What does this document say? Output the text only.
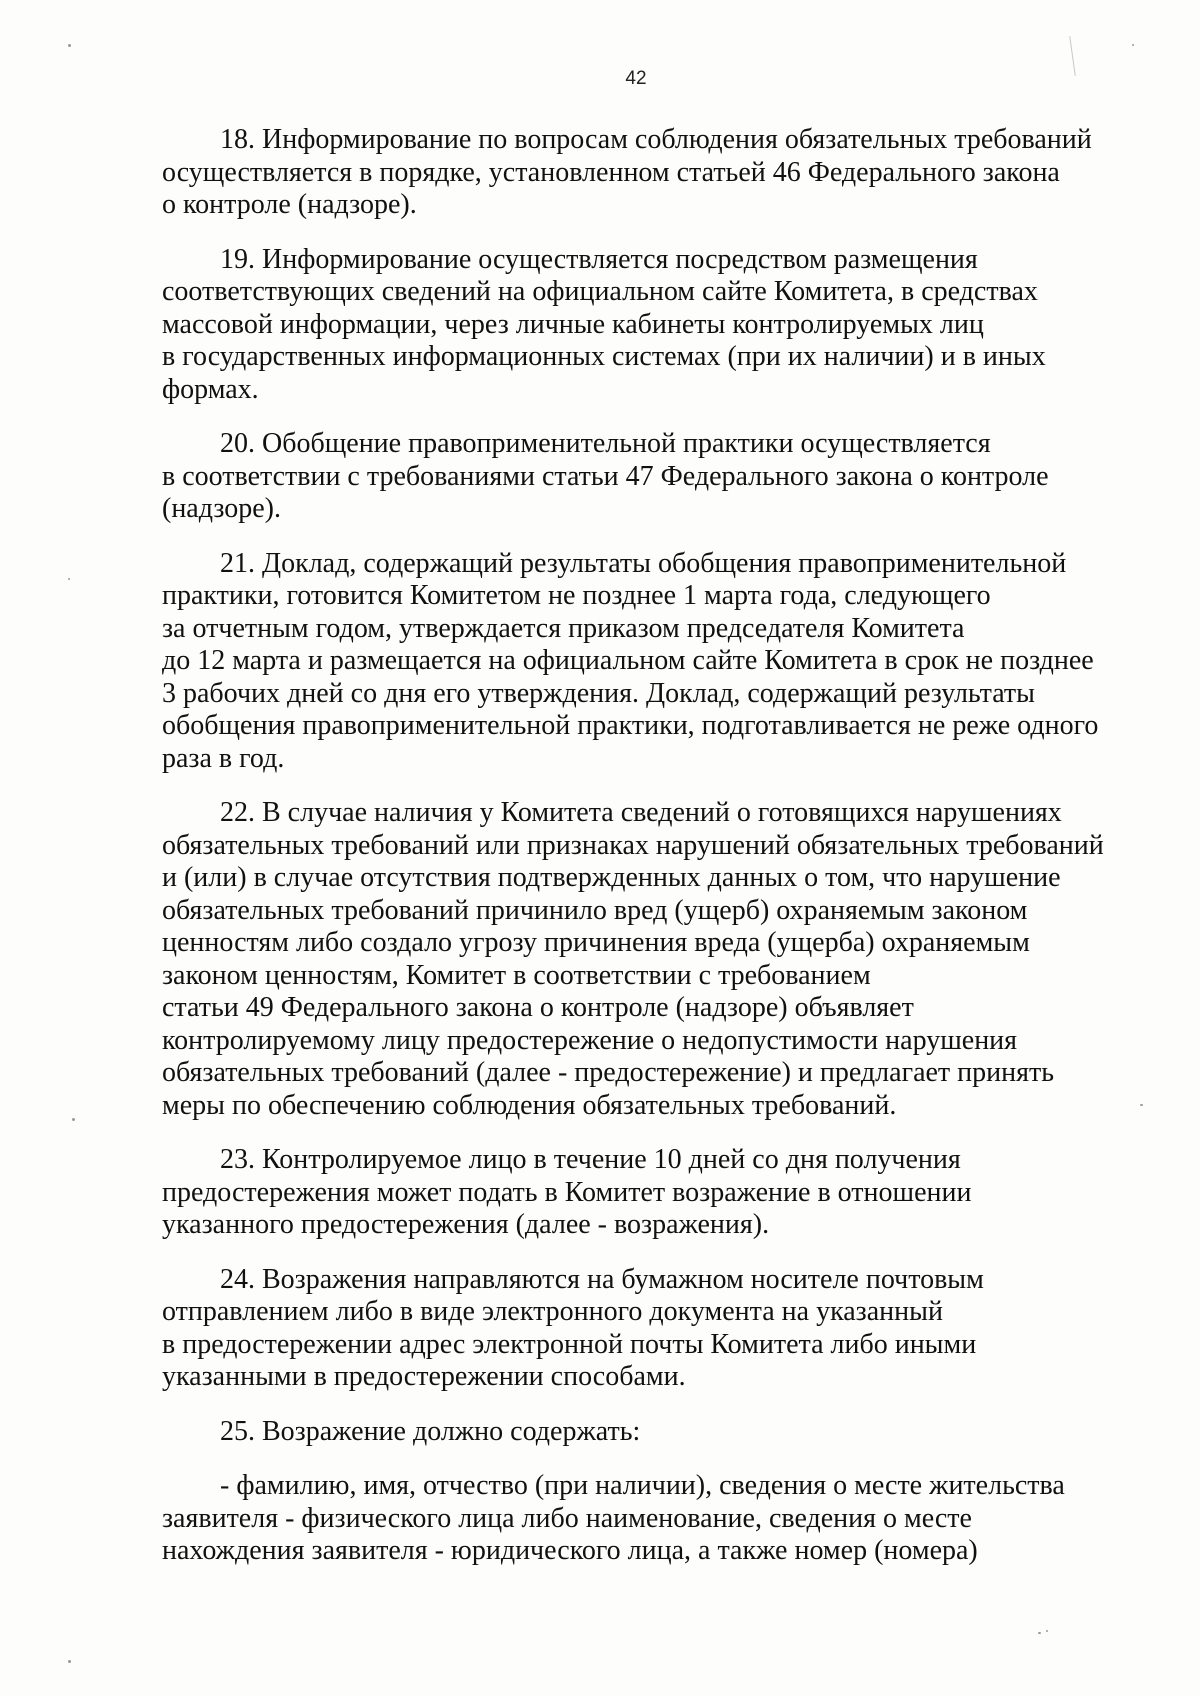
42

18. Информирование по вопросам соблюдения обязательных требований
осуществляется в порядке, установленном статьей 46 Федерального закона
о контроле (надзоре).

19. Информирование осуществляется посредством размещения
соответствующих сведений на официальном сайте Комитета, в средствах
массовой информации, через личные кабинеты контролируемых лиц
в государственных информационных системах (при их наличии) и в иных
формах.

20. Обобщение правоприменительной практики осуществляется
в соответствии с требованиями статьи 47 Федерального закона о контроле
(надзоре).

21. Доклад, содержащий результаты обобщения правоприменительной
практики, готовится Комитетом не позднее 1 марта года, следующего
за отчетным годом, утверждается приказом председателя Комитета
до 12 марта и размещается на официальном сайте Комитета в срок не позднее
3 рабочих дней со дня его утверждения. Доклад, содержащий результаты
обобщения правоприменительной практики, подготавливается не реже одного
раза в год.

22. В случае наличия у Комитета сведений о готовящихся нарушениях
обязательных требований или признаках нарушений обязательных требований
и (или) в случае отсутствия подтвержденных данных о том, что нарушение
обязательных требований причинило вред (ущерб) охраняемым законом
ценностям либо создало угрозу причинения вреда (ущерба) охраняемым
законом ценностям, Комитет в соответствии с требованием
статьи 49 Федерального закона о контроле (надзоре) объявляет
контролируемому лицу предостережение о недопустимости нарушения
обязательных требований (далее - предостережение) и предлагает принять
меры по обеспечению соблюдения обязательных требований.

23. Контролируемое лицо в течение 10 дней со дня получения
предостережения может подать в Комитет возражение в отношении
указанного предостережения (далее - возражения).

24. Возражения направляются на бумажном носителе почтовым
отправлением либо в виде электронного документа на указанный
в предостережении адрес электронной почты Комитета либо иными
указанными в предостережении способами.

25. Возражение должно содержать:

- фамилию, имя, отчество (при наличии), сведения о месте жительства
заявителя - физического лица либо наименование, сведения о месте
нахождения заявителя - юридического лица, а также номер (номера)
